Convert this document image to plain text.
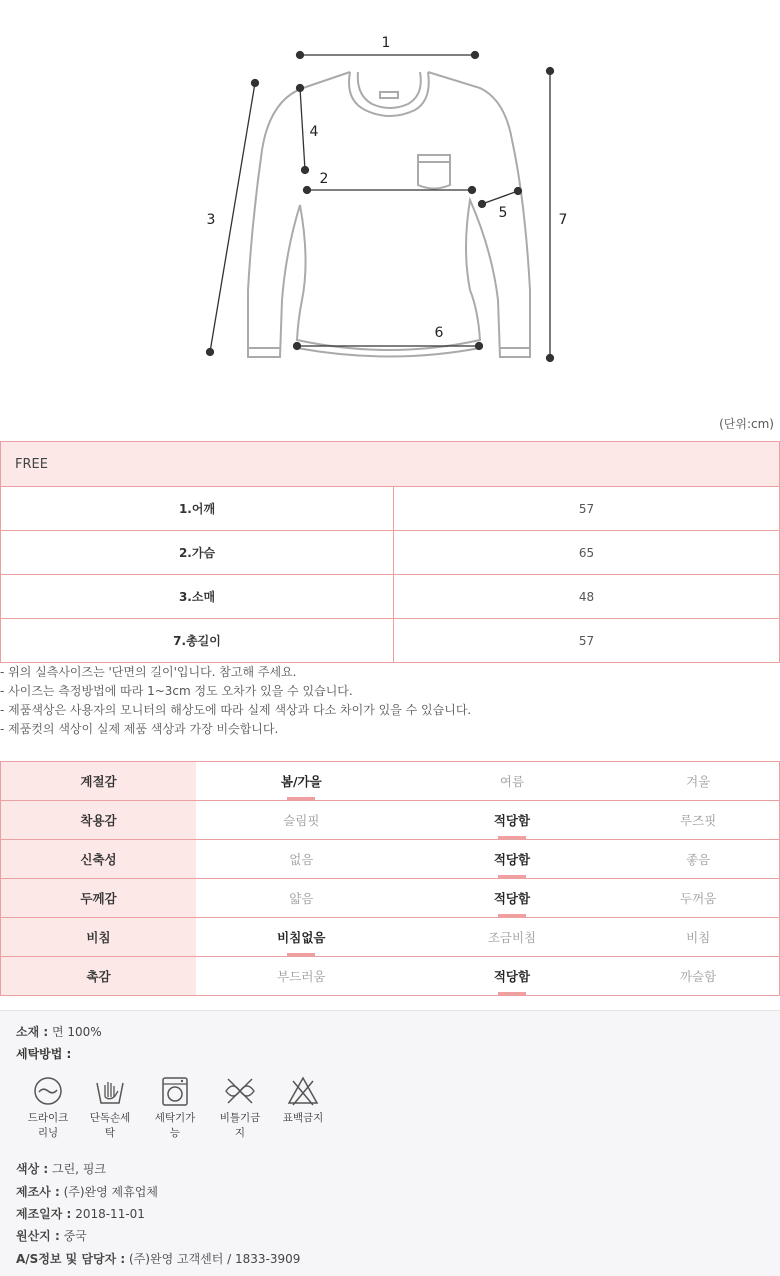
1
2
3
4
5
6
7
(단위:cm)
FREE	
1.어깨	57
2.가슴	65
3.소매	48
7.총길이	57
- 위의 실측사이즈는 '단면의 길이'입니다. 참고해 주세요.
- 사이즈는 측정방법에 따라 1~3cm 정도 오차가 있을 수 있습니다.
- 제품색상은 사용자의 모니터의 해상도에 따라 실제 색상과 다소 차이가 있을 수 있습니다.
- 제품컷의 색상이 실제 제품 색상과 가장 비슷합니다.
계절감	봄/가을	여름	겨울
착용감	슬림핏	적당함	루즈핏
신축성	없음	적당함	좋음
두께감	얇음	적당함	두꺼움
비침	비침없음	조금비침	비침
촉감	부드러움	적당함	까슬함
소재 : 면 100%
세탁방법 :
드라이크
리닝
단독손세
탁
세탁기가
능
비틀기금
지
표백금지
색상 : 그린, 핑크
제조사 : (주)완영 제휴업체
제조일자 : 2018-11-01
원산지 : 중국
A/S정보 및 담당자 : (주)완영 고객센터 / 1833-3909
